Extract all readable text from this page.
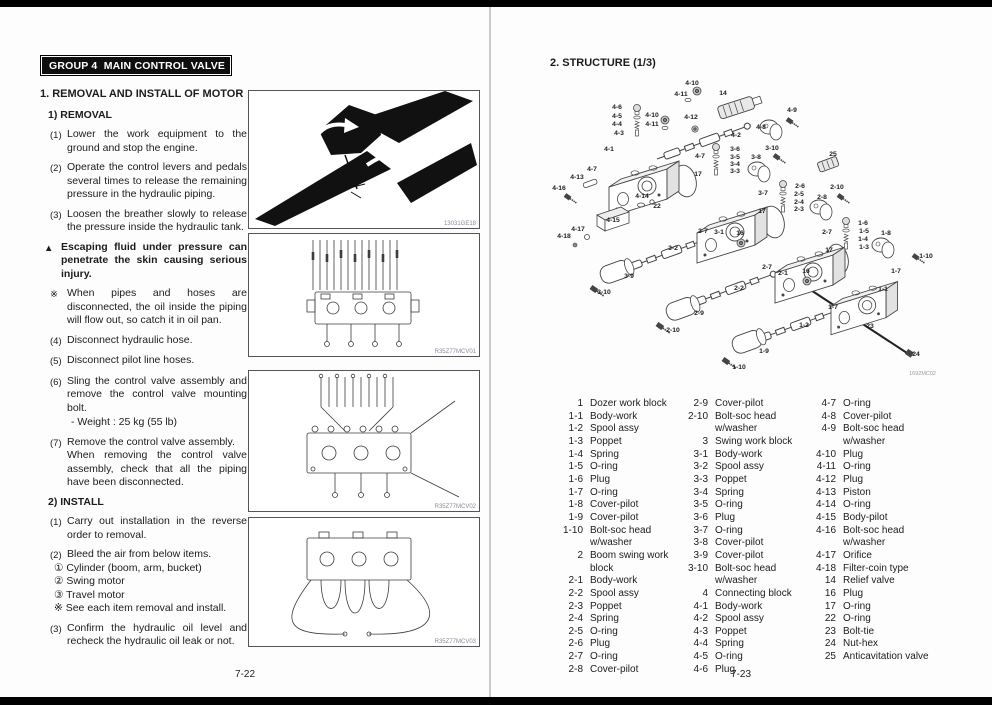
GROUP 4  MAIN CONTROL VALVE
1. REMOVAL AND INSTALL OF MOTOR
1) REMOVAL
(1) Lower the work equipment to the ground and stop the engine.
(2) Operate the control levers and pedals several times to release the remaining pressure in the hydraulic piping.
(3) Loosen the breather slowly to release the pressure inside the hydraulic tank.
▲ Escaping fluid under pressure can penetrate the skin causing serious injury.
※ When pipes and hoses are disconnected, the oil inside the piping will flow out, so catch it in oil pan.
(4) Disconnect hydraulic hose.
(5) Disconnect pilot line hoses.
(6) Sling the control valve assembly and remove the control valve mounting bolt.
- Weight : 25 kg (55 lb)
(7) Remove the control valve assembly.
When removing the control valve assembly, check that all the piping have been disconnected.
2) INSTALL
(1) Carry out installation in the reverse order to removal.
(2) Bleed the air from below items.
① Cylinder (boom, arm, bucket)
② Swing motor
③ Travel motor
※ See each item removal and install.
(3) Confirm the hydraulic oil level and recheck the hydraulic oil leak or not.
13031GE18
R35Z77MCV01
R35Z77MCV02
R35Z77MCV03
7-22
2. STRUCTURE (1/3)
4-10
4-11	14
4-6
4-10
4-5	4-12
4-4	4-11
4-9
4-3
4-8
4-2
4-1	3-6	3-10
25
3-5 3-8
4-7
3-4
4-7	3-3
17
4-13
2-6	2-10
4-16
3-7	2-5
4-14	2-8
2-4
22	2-3
17
4-15	1-6
4-17	1-5
3-7 3-1	2-7	1-8
16
4-18	1-4
1-3
3-2	17
1-10
2-7
1-7
2-1 16
3-9
1-1
2-2
3-10
1-7
2-9
1-2	23
2-10
1-9	24
1-10
1692MC02
1 Dozer work block
1-1 Body-work
1-2 Spool assy
1-3 Poppet
1-4 Spring
1-5 O-ring
1-6 Plug
1-7 O-ring
1-8 Cover-pilot
1-9 Cover-pilot
1-10 Bolt-soc head w/washer
2 Boom swing work block
2-1 Body-work
2-2 Spool assy
2-3 Poppet
2-4 Spring
2-5 O-ring
2-6 Plug
2-7 O-ring
2-8 Cover-pilot
2-9 Cover-pilot
2-10 Bolt-soc head w/washer
3 Swing work block
3-1 Body-work
3-2 Spool assy
3-3 Poppet
3-4 Spring
3-5 O-ring
3-6 Plug
3-7 O-ring
3-8 Cover-pilot
3-9 Cover-pilot
3-10 Bolt-soc head w/washer
4 Connecting block
4-1 Body-work
4-2 Spool assy
4-3 Poppet
4-4 Spring
4-5 O-ring
4-6 Plug
4-7 O-ring
4-8 Cover-pilot
4-9 Bolt-soc head w/washer
4-10 Plug
4-11 O-ring
4-12 Plug
4-13 Piston
4-14 O-ring
4-15 Body-pilot
4-16 Bolt-soc head w/washer
4-17 Orifice
4-18 Filter-coin type
14 Relief valve
16 Plug
17 O-ring
22 O-ring
23 Bolt-tie
24 Nut-hex
25 Anticavitation valve
7-23
